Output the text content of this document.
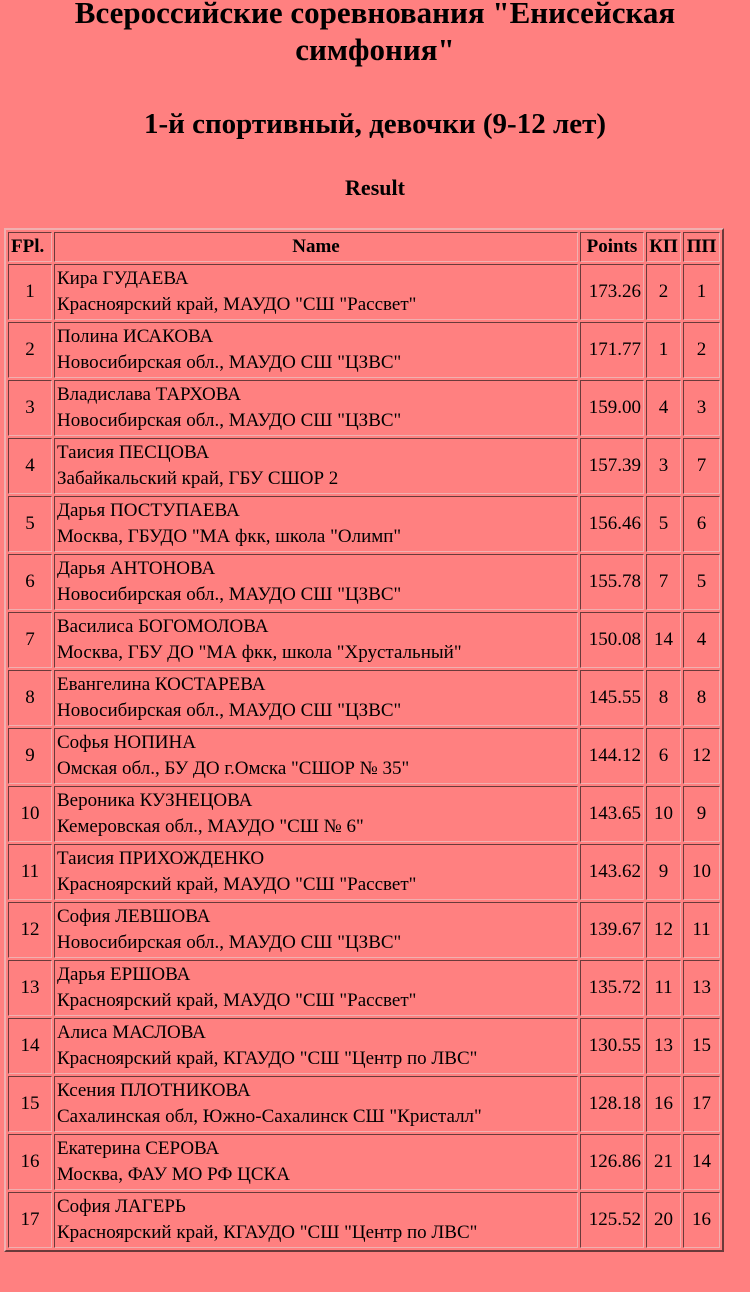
Всероссийские соревнования "Енисейская симфония"
1-й спортивный, девочки (9-12 лет)
Result
FPl.	Name	Points	КП	ПП
1	Кира ГУДАЕВА
Красноярский край, МАУДО "СШ "Рассвет"	173.26	2	1
2	Полина ИСАКОВА
Новосибирская обл., МАУДО СШ "ЦЗВС"	171.77	1	2
3	Владислава ТАРХОВА
Новосибирская обл., МАУДО СШ "ЦЗВС"	159.00	4	3
4	Таисия ПЕСЦОВА
Забайкальский край, ГБУ СШОР 2	157.39	3	7
5	Дарья ПОСТУПАЕВА
Москва, ГБУДО "МА фкк, школа "Олимп"	156.46	5	6
6	Дарья АНТОНОВА
Новосибирская обл., МАУДО СШ "ЦЗВС"	155.78	7	5
7	Василиса БОГОМОЛОВА
Москва, ГБУ ДО "МА фкк, школа "Хрустальный"	150.08	14	4
8	Евангелина КОСТАРЕВА
Новосибирская обл., МАУДО СШ "ЦЗВС"	145.55	8	8
9	Софья НОПИНА
Омская обл., БУ ДО г.Омска "СШОР № 35"	144.12	6	12
10	Вероника КУЗНЕЦОВА
Кемеровская обл., МАУДО "СШ № 6"	143.65	10	9
11	Таисия ПРИХОЖДЕНКО
Красноярский край, МАУДО "СШ "Рассвет"	143.62	9	10
12	София ЛЕВШОВА
Новосибирская обл., МАУДО СШ "ЦЗВС"	139.67	12	11
13	Дарья ЕРШОВА
Красноярский край, МАУДО "СШ "Рассвет"	135.72	11	13
14	Алиса МАСЛОВА
Красноярский край, КГАУДО "СШ "Центр по ЛВС"	130.55	13	15
15	Ксения ПЛОТНИКОВА
Сахалинская обл, Южно-Сахалинск СШ "Кристалл"	128.18	16	17
16	Екатерина СЕРОВА
Москва, ФАУ МО РФ ЦСКА	126.86	21	14
17	София ЛАГЕРЬ
Красноярский край, КГАУДО "СШ "Центр по ЛВС"	125.52	20	16
